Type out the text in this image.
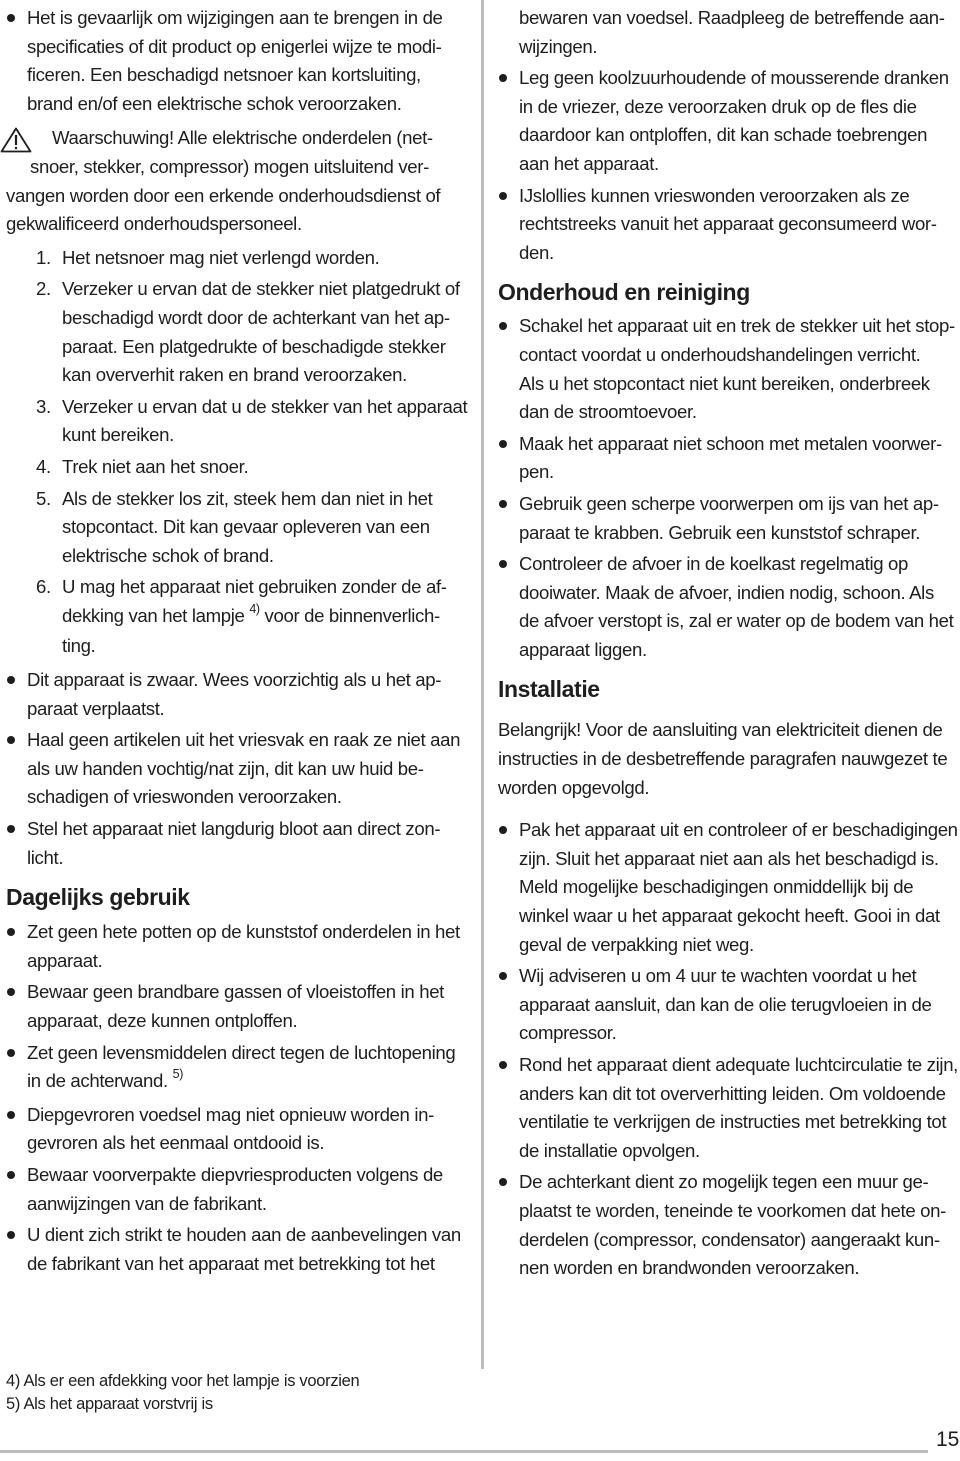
Het is gevaarlijk om wijzigingen aan te brengen in de
specificaties of dit product op enigerlei wijze te modi-
ficeren. Een beschadigd netsnoer kan kortsluiting,
brand en/of een elektrische schok veroorzaken.
Waarschuwing! Alle elektrische onderdelen (net-
snoer, stekker, compressor) mogen uitsluitend ver-
vangen worden door een erkende onderhoudsdienst of
gekwalificeerd onderhoudspersoneel.
1. Het netsnoer mag niet verlengd worden.
2. Verzeker u ervan dat de stekker niet platgedrukt of
beschadigd wordt door de achterkant van het ap-
paraat. Een platgedrukte of beschadigde stekker
kan oververhit raken en brand veroorzaken.
3. Verzeker u ervan dat u de stekker van het apparaat
kunt bereiken.
4. Trek niet aan het snoer.
5. Als de stekker los zit, steek hem dan niet in het
stopcontact. Dit kan gevaar opleveren van een
elektrische schok of brand.
6. U mag het apparaat niet gebruiken zonder de af-
dekking van het lampje $^{4)}$ voor de binnenverlich-
ting.
Dit apparaat is zwaar. Wees voorzichtig als u het ap-
paraat verplaatst.
Haal geen artikelen uit het vriesvak en raak ze niet aan
als uw handen vochtig/nat zijn, dit kan uw huid be-
schadigen of vrieswonden veroorzaken.
Stel het apparaat niet langdurig bloot aan direct zon-
licht.
Dagelijks gebruik
Zet geen hete potten op de kunststof onderdelen in het
apparaat.
Bewaar geen brandbare gassen of vloeistoffen in het
apparaat, deze kunnen ontploffen.
Zet geen levensmiddelen direct tegen de luchtopening
in de achterwand. $^{5)}$
Diepgevroren voedsel mag niet opnieuw worden in-
gevroren als het eenmaal ontdooid is.
Bewaar voorverpakte diepvriesproducten volgens de
aanwijzingen van de fabrikant.
U dient zich strikt te houden aan de aanbevelingen van
de fabrikant van het apparaat met betrekking tot het
bewaren van voedsel. Raadpleeg de betreffende aan-
wijzingen.
Leg geen koolzuurhoudende of mousserende dranken
in de vriezer, deze veroorzaken druk op de fles die
daardoor kan ontploffen, dit kan schade toebrengen
aan het apparaat.
IJslollies kunnen vrieswonden veroorzaken als ze
rechtstreeks vanuit het apparaat geconsumeerd wor-
den.
Onderhoud en reiniging
Schakel het apparaat uit en trek de stekker uit het stop-
contact voordat u onderhoudshandelingen verricht.
Als u het stopcontact niet kunt bereiken, onderbreek
dan de stroomtoevoer.
Maak het apparaat niet schoon met metalen voorwer-
pen.
Gebruik geen scherpe voorwerpen om ijs van het ap-
paraat te krabben. Gebruik een kunststof schraper.
Controleer de afvoer in de koelkast regelmatig op
dooiwater. Maak de afvoer, indien nodig, schoon. Als
de afvoer verstopt is, zal er water op de bodem van het
apparaat liggen.
Installatie
Belangrijk! Voor de aansluiting van elektriciteit dienen de
instructies in de desbetreffende paragrafen nauwgezet te
worden opgevolgd.
Pak het apparaat uit en controleer of er beschadigingen
zijn. Sluit het apparaat niet aan als het beschadigd is.
Meld mogelijke beschadigingen onmiddellijk bij de
winkel waar u het apparaat gekocht heeft. Gooi in dat
geval de verpakking niet weg.
Wij adviseren u om 4 uur te wachten voordat u het
apparaat aansluit, dan kan de olie terugvloeien in de
compressor.
Rond het apparaat dient adequate luchtcirculatie te zijn,
anders kan dit tot oververhitting leiden. Om voldoende
ventilatie te verkrijgen de instructies met betrekking tot
de installatie opvolgen.
De achterkant dient zo mogelijk tegen een muur ge-
plaatst te worden, teneinde te voorkomen dat hete on-
derdelen (compressor, condensator) aangeraakt kun-
nen worden en brandwonden veroorzaken.
4) Als er een afdekking voor het lampje is voorzien
5) Als het apparaat vorstvrij is
15
